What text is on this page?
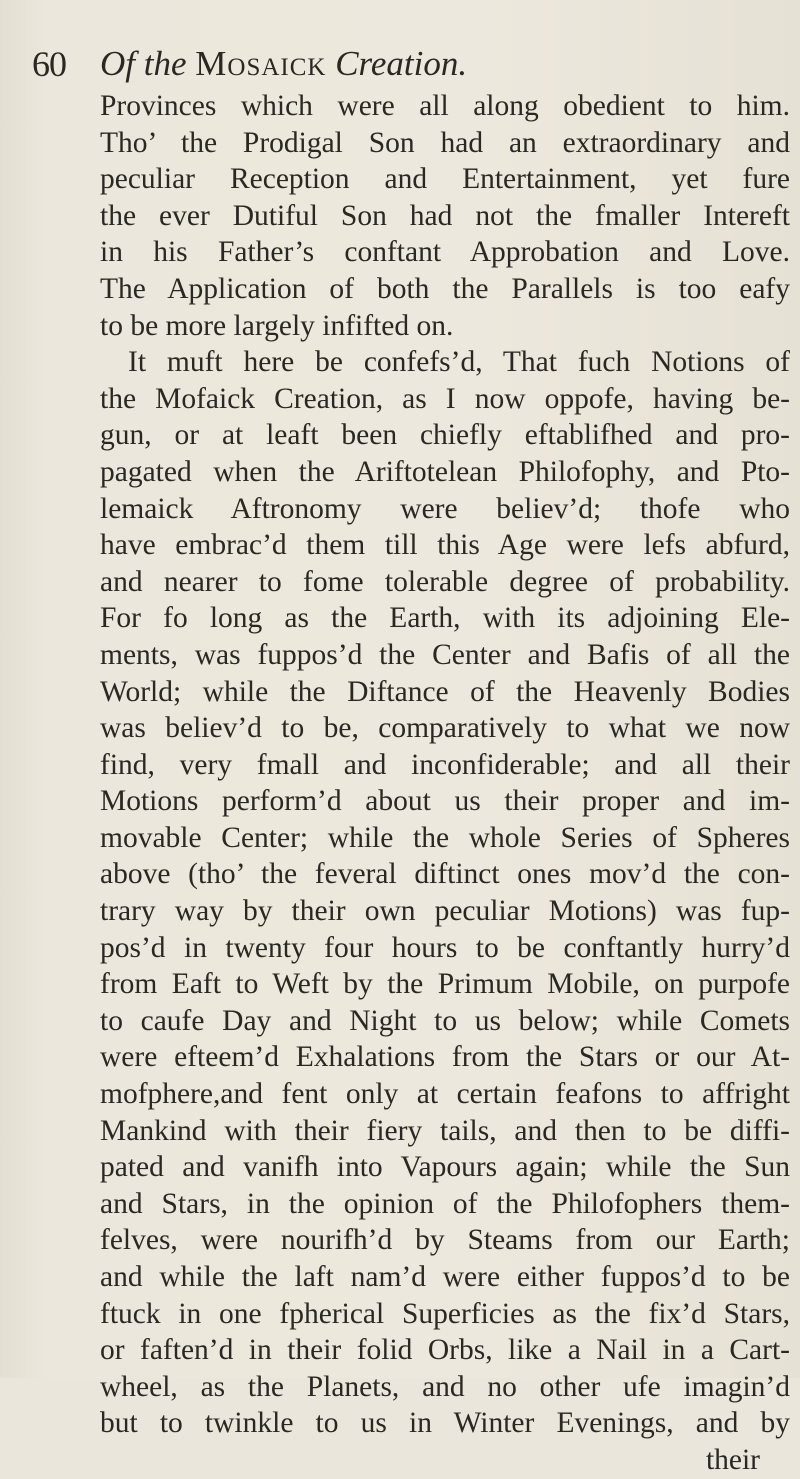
60 Of the Mosaick Creation.
Provinces which were all along obedient to him.
Tho’ the Prodigal Son had an extraordinary and
peculiar Reception and Entertainment, yet fure
the ever Dutiful Son had not the fmaller Intereft
in his Father’s conftant Approbation and Love.
The Application of both the Parallels is too eafy
to be more largely infifted on.
It muft here be confefs’d, That fuch Notions of
the Mofaick Creation, as I now oppofe, having be-
gun, or at leaft been chiefly eftablifhed and pro-
pagated when the Ariftotelean Philofophy, and Pto-
lemaick Aftronomy were believ’d; thofe who
have embrac’d them till this Age were lefs abfurd,
and nearer to fome tolerable degree of probability.
For fo long as the Earth, with its adjoining Ele-
ments, was fuppos’d the Center and Bafis of all the
World; while the Diftance of the Heavenly Bodies
was believ’d to be, comparatively to what we now
find, very fmall and inconfiderable; and all their
Motions perform’d about us their proper and im-
movable Center; while the whole Series of Spheres
above (tho’ the feveral diftinct ones mov’d the con-
trary way by their own peculiar Motions) was fup-
pos’d in twenty four hours to be conftantly hurry’d
from Eaft to Weft by the Primum Mobile, on purpofe
to caufe Day and Night to us below; while Comets
were efteem’d Exhalations from the Stars or our At-
mofphere,and fent only at certain feafons to affright
Mankind with their fiery tails, and then to be diffi-
pated and vanifh into Vapours again; while the Sun
and Stars, in the opinion of the Philofophers them-
felves, were nourifh’d by Steams from our Earth;
and while the laft nam’d were either fuppos’d to be
ftuck in one fpherical Superficies as the fix’d Stars,
or faften’d in their folid Orbs, like a Nail in a Cart-
wheel, as the Planets, and no other ufe imagin’d
but to twinkle to us in Winter Evenings, and by
their
